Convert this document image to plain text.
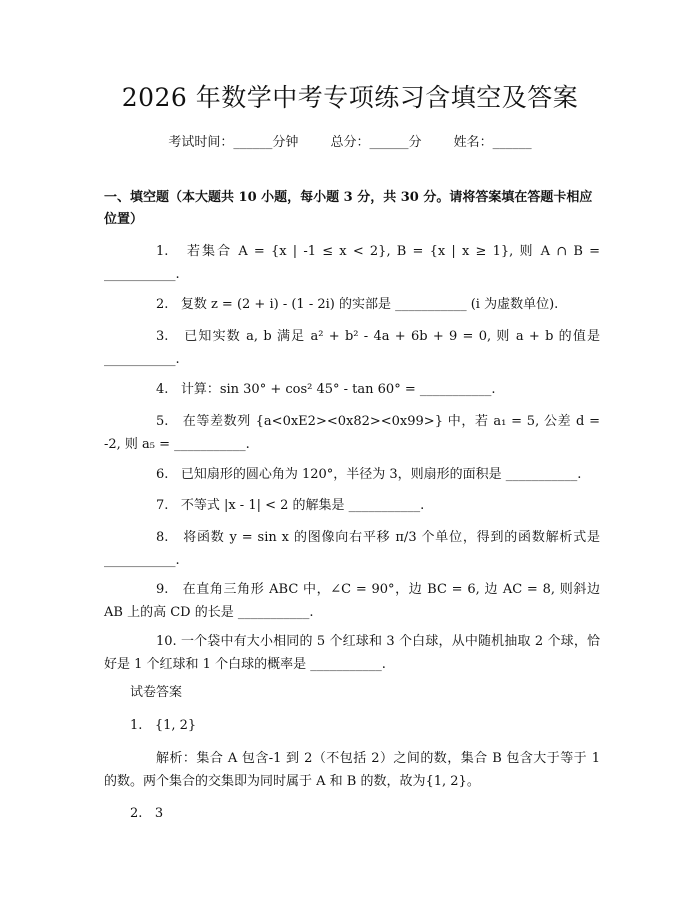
2026 年数学中考专项练习含填空及答案
考试时间：______分钟 总分：______分 姓名：______
一、填空题（本大题共 10 小题，每小题 3 分，共 30 分。请将答案填在答题卡相应位置）
1. 若集合 A = {x | -1 ≤ x < 2}, B = {x | x ≥ 1}, 则 A ∩ B = ___________.
2. 复数 z = (2 + i) - (1 - 2i) 的实部是 ___________ (i 为虚数单位).
3. 已知实数 a, b 满足 a² + b² - 4a + 6b + 9 = 0, 则 a + b 的值是 ___________.
4. 计算：sin 30° + cos² 45° - tan 60° = ___________.
5. 在等差数列 {a<0xE2><0x82><0x99>} 中，若 a₁ = 5, 公差 d = -2, 则 a₅ = ___________.
6. 已知扇形的圆心角为 120°，半径为 3，则扇形的面积是 ___________.
7. 不等式 |x - 1| < 2 的解集是 ___________.
8. 将函数 y = sin x 的图像向右平移 π/3 个单位，得到的函数解析式是 ___________.
9. 在直角三角形 ABC 中，∠C = 90°，边 BC = 6, 边 AC = 8, 则斜边 AB 上的高 CD 的长是 ___________.
10. 一个袋中有大小相同的 5 个红球和 3 个白球，从中随机抽取 2 个球，恰好是 1 个红球和 1 个白球的概率是 ___________.
试卷答案
1. {1, 2}
解析：集合 A 包含-1 到 2（不包括 2）之间的数，集合 B 包含大于等于 1 的数。两个集合的交集即为同时属于 A 和 B 的数，故为{1, 2}。
2. 3
